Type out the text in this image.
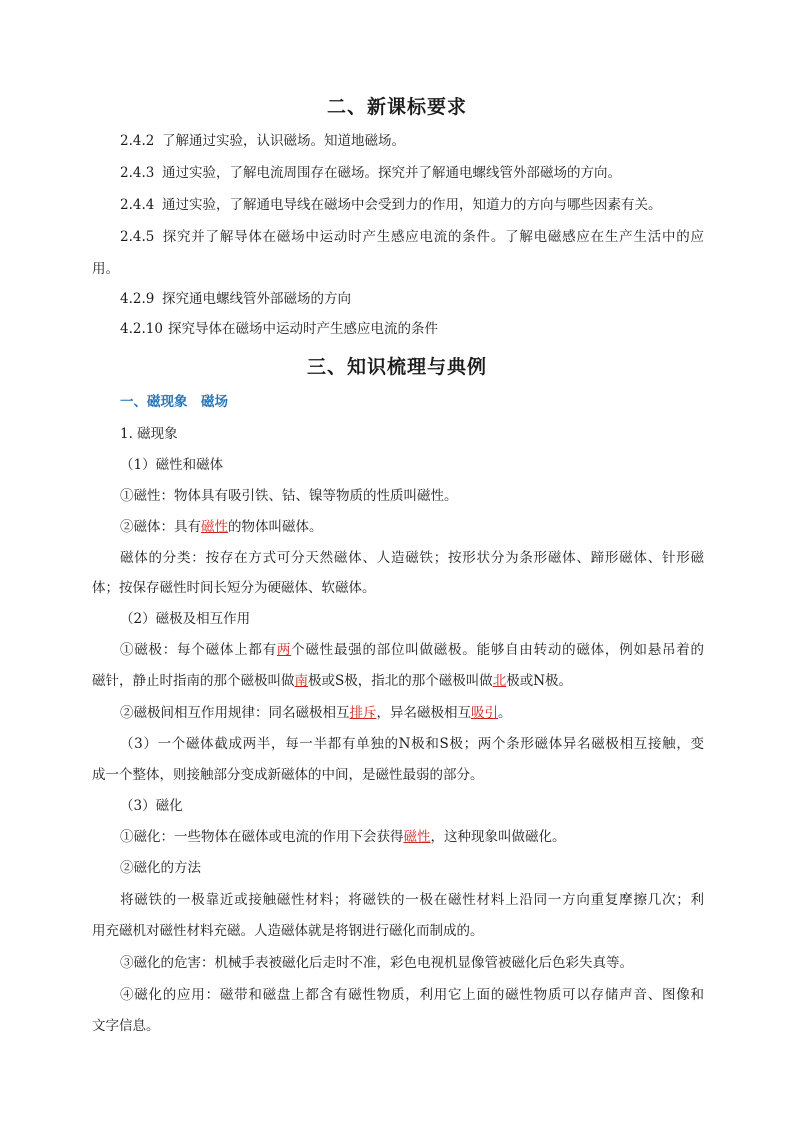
二、新课标要求
2.4.2 了解通过实验，认识磁场。知道地磁场。
2.4.3 通过实验，了解电流周围存在磁场。探究并了解通电螺线管外部磁场的方向。
2.4.4 通过实验，了解通电导线在磁场中会受到力的作用，知道力的方向与哪些因素有关。
2.4.5 探究并了解导体在磁场中运动时产生感应电流的条件。了解电磁感应在生产生活中的应
用。
4.2.9 探究通电螺线管外部磁场的方向
4.2.10 探究导体在磁场中运动时产生感应电流的条件
三、知识梳理与典例
一、磁现象　磁场
1. 磁现象
（1）磁性和磁体
①磁性：物体具有吸引铁、钴、镍等物质的性质叫磁性。
②磁体：具有磁性的物体叫磁体。
磁体的分类：按存在方式可分天然磁体、人造磁铁；按形状分为条形磁体、蹄形磁体、针形磁
体；按保存磁性时间长短分为硬磁体、软磁体。
（2）磁极及相互作用
①磁极：每个磁体上都有两个磁性最强的部位叫做磁极。能够自由转动的磁体，例如悬吊着的
磁针，静止时指南的那个磁极叫做南极或S极，指北的那个磁极叫做北极或N极。
②磁极间相互作用规律：同名磁极相互排斥，异名磁极相互吸引。
（3）一个磁体截成两半，每一半都有单独的N极和S极；两个条形磁体异名磁极相互接触，变
成一个整体，则接触部分变成新磁体的中间，是磁性最弱的部分。
（3）磁化
①磁化：一些物体在磁体或电流的作用下会获得磁性，这种现象叫做磁化。
②磁化的方法
将磁铁的一极靠近或接触磁性材料；将磁铁的一极在磁性材料上沿同一方向重复摩擦几次；利
用充磁机对磁性材料充磁。人造磁体就是将钢进行磁化而制成的。
③磁化的危害：机械手表被磁化后走时不准，彩色电视机显像管被磁化后色彩失真等。
④磁化的应用：磁带和磁盘上都含有磁性物质，利用它上面的磁性物质可以存储声音、图像和
文字信息。
